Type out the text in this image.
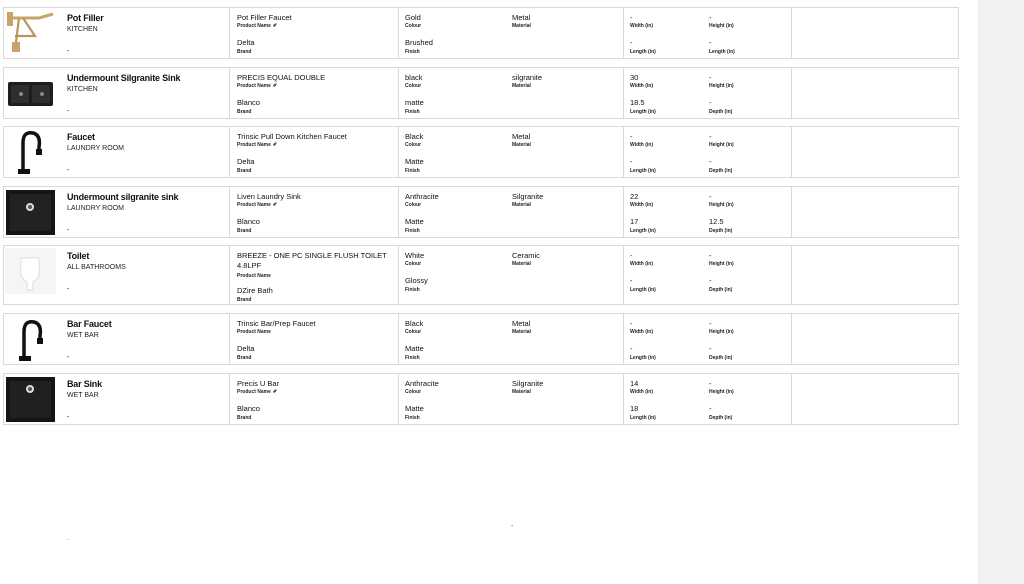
Pot Filler
KITCHEN
-
Pot Filler Faucet
Product Name ✐
Delta
Brand
Gold
Colour
Brushed
Finish
Metal
Material
-
Width (in)
-
Length (in)
-
Height (in)
-
Length (in)
Undermount Silgranite Sink
KITCHEN
-
PRECIS EQUAL DOUBLE
Product Name ✐
Blanco
Brand
black
Colour
matte
Finish
silgranite
Material
30
Width (in)
18.5
Length (in)
-
Height (in)
-
Depth (in)
Faucet
LAUNDRY ROOM
-
Trinsic Pull Down Kitchen Faucet
Product Name ✐
Delta
Brand
Black
Colour
Matte
Finish
Metal
Material
-
Width (in)
-
Length (in)
-
Height (in)
-
Depth (in)
Undermount silgranite sink
LAUNDRY ROOM
-
Liven Laundry Sink
Product Name ✐
Blanco
Brand
Anthracite
Colour
Matte
Finish
Silgranite
Material
22
Width (in)
17
Length (in)
-
Height (in)
12.5
Depth (in)
Toilet
ALL BATHROOMS
-
BREEZE - ONE PC SINGLE FLUSH TOILET 4.8LPF
Product Name
DZire Bath
Brand
White
Colour
Glossy
Finish
Ceramic
Material
-
Width (in)
-
Length (in)
-
Height (in)
-
Depth (in)
Bar Faucet
WET BAR
-
Trinsic Bar/Prep Faucet
Product Name
Delta
Brand
Black
Colour
Matte
Finish
Metal
Material
-
Width (in)
-
Length (in)
-
Height (in)
-
Depth (in)
Bar Sink
WET BAR
-
Precis U Bar
Product Name ✐
Blanco
Brand
Anthracite
Colour
Matte
Finish
Silgranite
Material
14
Width (in)
18
Length (in)
-
Height (in)
-
Depth (in)
-
.
